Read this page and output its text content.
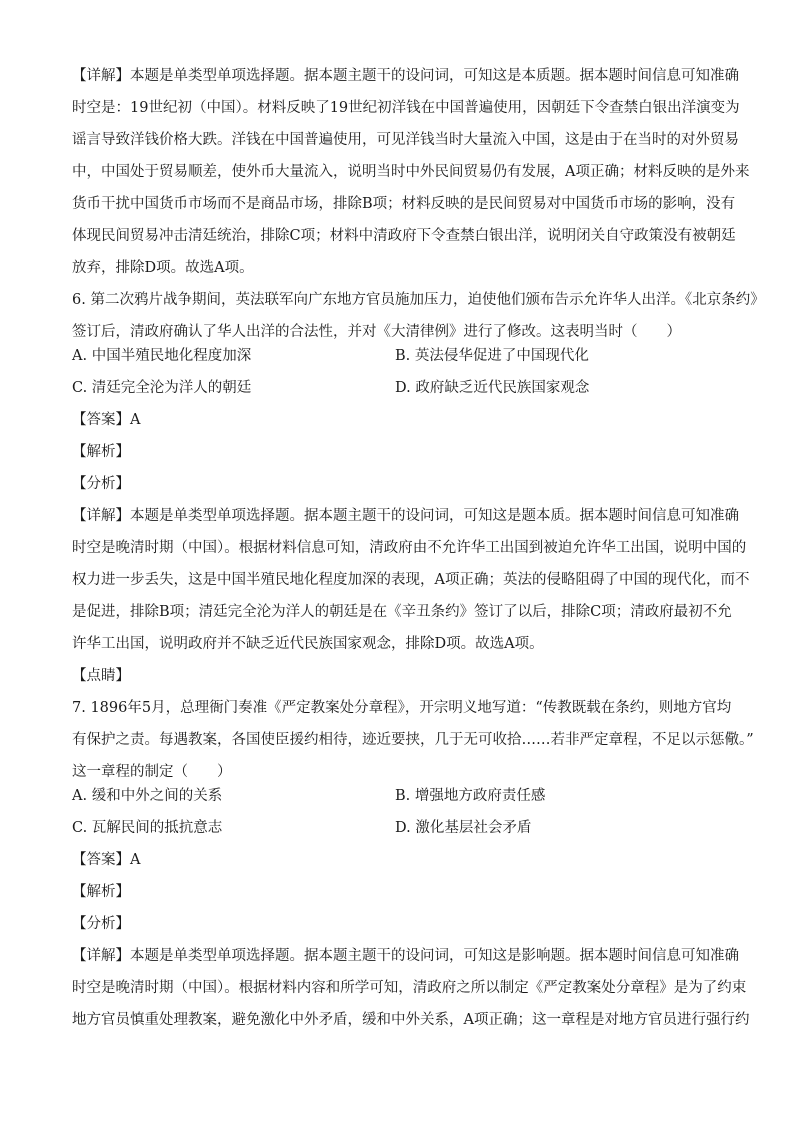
【详解】本题是单类型单项选择题。据本题主题干的设问词，可知这是本质题。据本题时间信息可知准确
时空是：19世纪初（中国）。材料反映了19世纪初洋钱在中国普遍使用，因朝廷下令查禁白银出洋演变为
谣言导致洋钱价格大跌。洋钱在中国普遍使用，可见洋钱当时大量流入中国，这是由于在当时的对外贸易
中，中国处于贸易顺差，使外币大量流入，说明当时中外民间贸易仍有发展，A项正确；材料反映的是外来
货币干扰中国货币市场而不是商品市场，排除B项；材料反映的是民间贸易对中国货币市场的影响，没有
体现民间贸易冲击清廷统治，排除C项；材料中清政府下令查禁白银出洋，说明闭关自守政策没有被朝廷
放弃，排除D项。故选A项。
6. 第二次鸦片战争期间，英法联军向广东地方官员施加压力，迫使他们颁布告示允许华人出洋。《北京条约》
签订后，清政府确认了华人出洋的合法性，并对《大清律例》进行了修改。这表明当时（　　）
A. 中国半殖民地化程度加深	B. 英法侵华促进了中国现代化
C. 清廷完全沦为洋人的朝廷	D. 政府缺乏近代民族国家观念
【答案】A
【解析】
【分析】
【详解】本题是单类型单项选择题。据本题主题干的设问词，可知这是题本质。据本题时间信息可知准确
时空是晚清时期（中国）。根据材料信息可知，清政府由不允许华工出国到被迫允许华工出国，说明中国的
权力进一步丢失，这是中国半殖民地化程度加深的表现，A项正确；英法的侵略阻碍了中国的现代化，而不
是促进，排除B项；清廷完全沦为洋人的朝廷是在《辛丑条约》签订了以后，排除C项；清政府最初不允
许华工出国，说明政府并不缺乏近代民族国家观念，排除D项。故选A项。
【点睛】
7. 1896年5月，总理衙门奏准《严定教案处分章程》，开宗明义地写道：“传教既载在条约，则地方官均
有保护之责。每遇教案，各国使臣援约相待，迹近要挟，几于无可收拾……若非严定章程，不足以示惩儆。”
这一章程的制定（　　）
A. 缓和中外之间的关系	B. 增强地方政府责任感
C. 瓦解民间的抵抗意志	D. 激化基层社会矛盾
【答案】A
【解析】
【分析】
【详解】本题是单类型单项选择题。据本题主题干的设问词，可知这是影响题。据本题时间信息可知准确
时空是晚清时期（中国）。根据材料内容和所学可知，清政府之所以制定《严定教案处分章程》是为了约束
地方官员慎重处理教案，避免激化中外矛盾，缓和中外关系，A项正确；这一章程是对地方官员进行强行约
